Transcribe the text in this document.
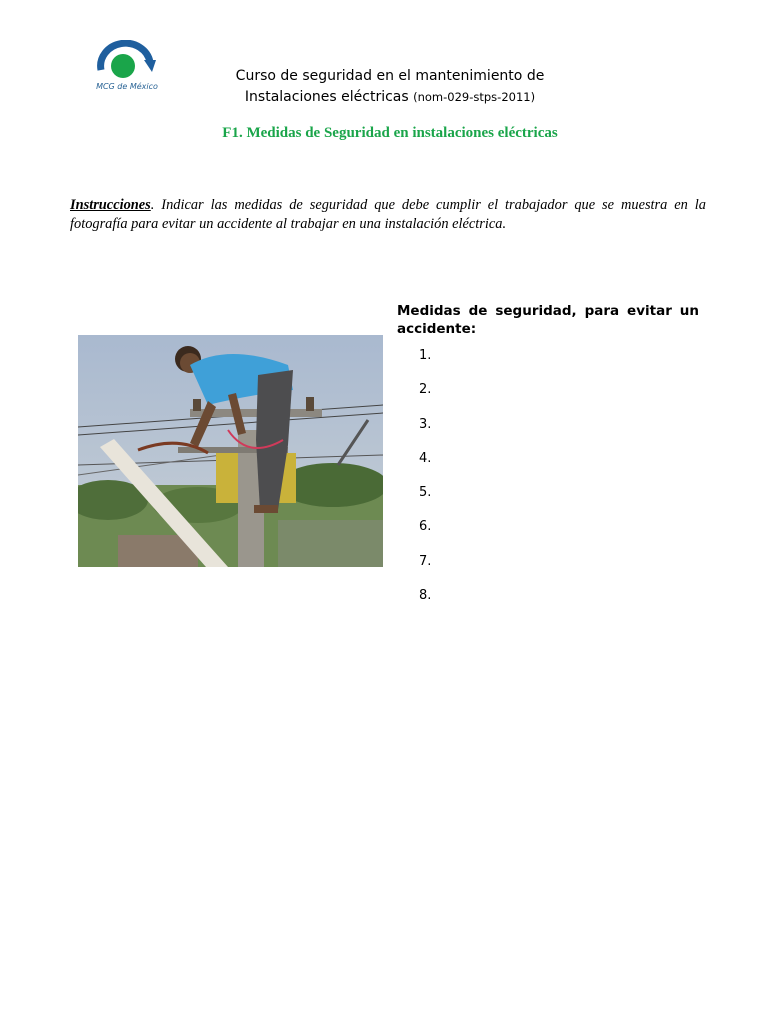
MCG de México
Curso de seguridad en el mantenimiento de
Instalaciones eléctricas (nom-029-stps-2011)
F1. Medidas de Seguridad en instalaciones eléctricas
Instrucciones. Indicar las medidas de seguridad que debe cumplir el trabajador que se muestra en la fotografía para evitar un accidente al trabajar en una instalación eléctrica.
Medidas de seguridad, para evitar un accidente:
1.
2.
3.
4.
5.
6.
7.
8.
